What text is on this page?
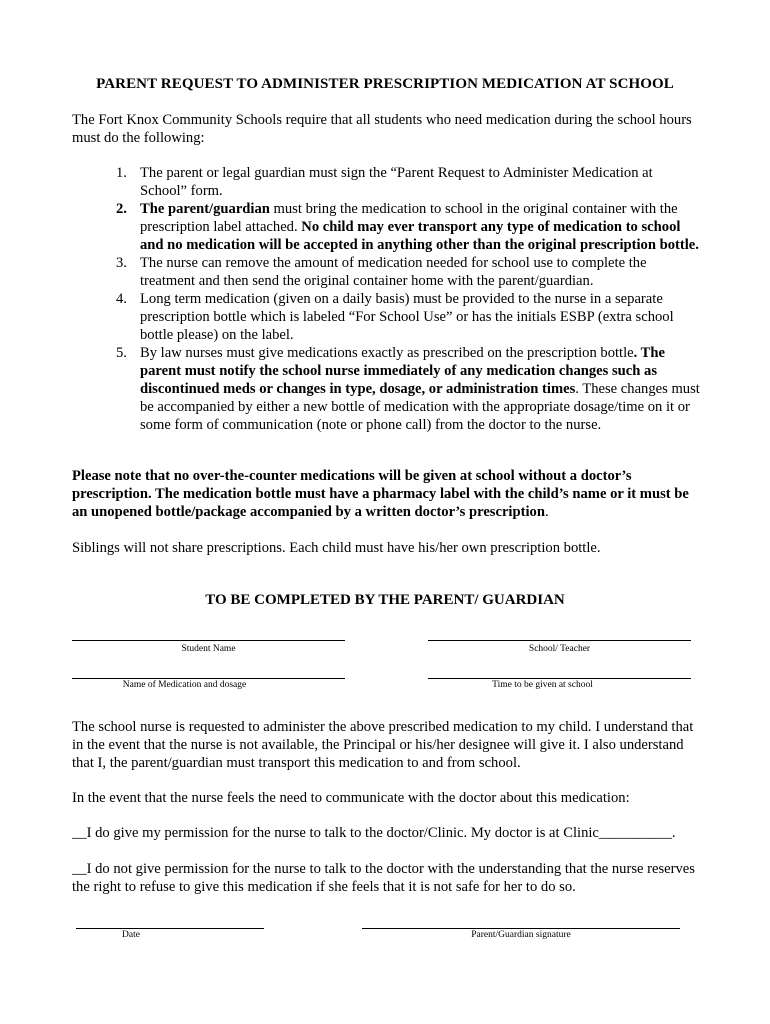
PARENT REQUEST TO ADMINISTER PRESCRIPTION MEDICATION AT SCHOOL
The Fort Knox Community Schools require that all students who need medication during the school hours must do the following:
1. The parent or legal guardian must sign the “Parent Request to Administer Medication at School” form.
2. The parent/guardian must bring the medication to school in the original container with the prescription label attached. No child may ever transport any type of medication to school and no medication will be accepted in anything other than the original prescription bottle.
3. The nurse can remove the amount of medication needed for school use to complete the treatment and then send the original container home with the parent/guardian.
4. Long term medication (given on a daily basis) must be provided to the nurse in a separate prescription bottle which is labeled “For School Use” or has the initials ESBP (extra school bottle please) on the label.
5. By law nurses must give medications exactly as prescribed on the prescription bottle. The parent must notify the school nurse immediately of any medication changes such as discontinued meds or changes in type, dosage, or administration times. These changes must be accompanied by either a new bottle of medication with the appropriate dosage/time on it or some form of communication (note or phone call) from the doctor to the nurse.
Please note that no over-the-counter medications will be given at school without a doctor’s prescription. The medication bottle must have a pharmacy label with the child’s name or it must be an unopened bottle/package accompanied by a written doctor’s prescription.
Siblings will not share prescriptions. Each child must have his/her own prescription bottle.
TO BE COMPLETED BY THE PARENT/ GUARDIAN
Student Name	School/ Teacher
Name of Medication and dosage	Time to be given at school
The school nurse is requested to administer the above prescribed medication to my child. I understand that in the event that the nurse is not available, the Principal or his/her designee will give it. I also understand that I, the parent/guardian must transport this medication to and from school.
In the event that the nurse feels the need to communicate with the doctor about this medication:
__I do give my permission for the nurse to talk to the doctor/Clinic. My doctor is at Clinic__________.
__I do not give permission for the nurse to talk to the doctor with the understanding that the nurse reserves the right to refuse to give this medication if she feels that it is not safe for her to do so.
Date	Parent/Guardian signature
